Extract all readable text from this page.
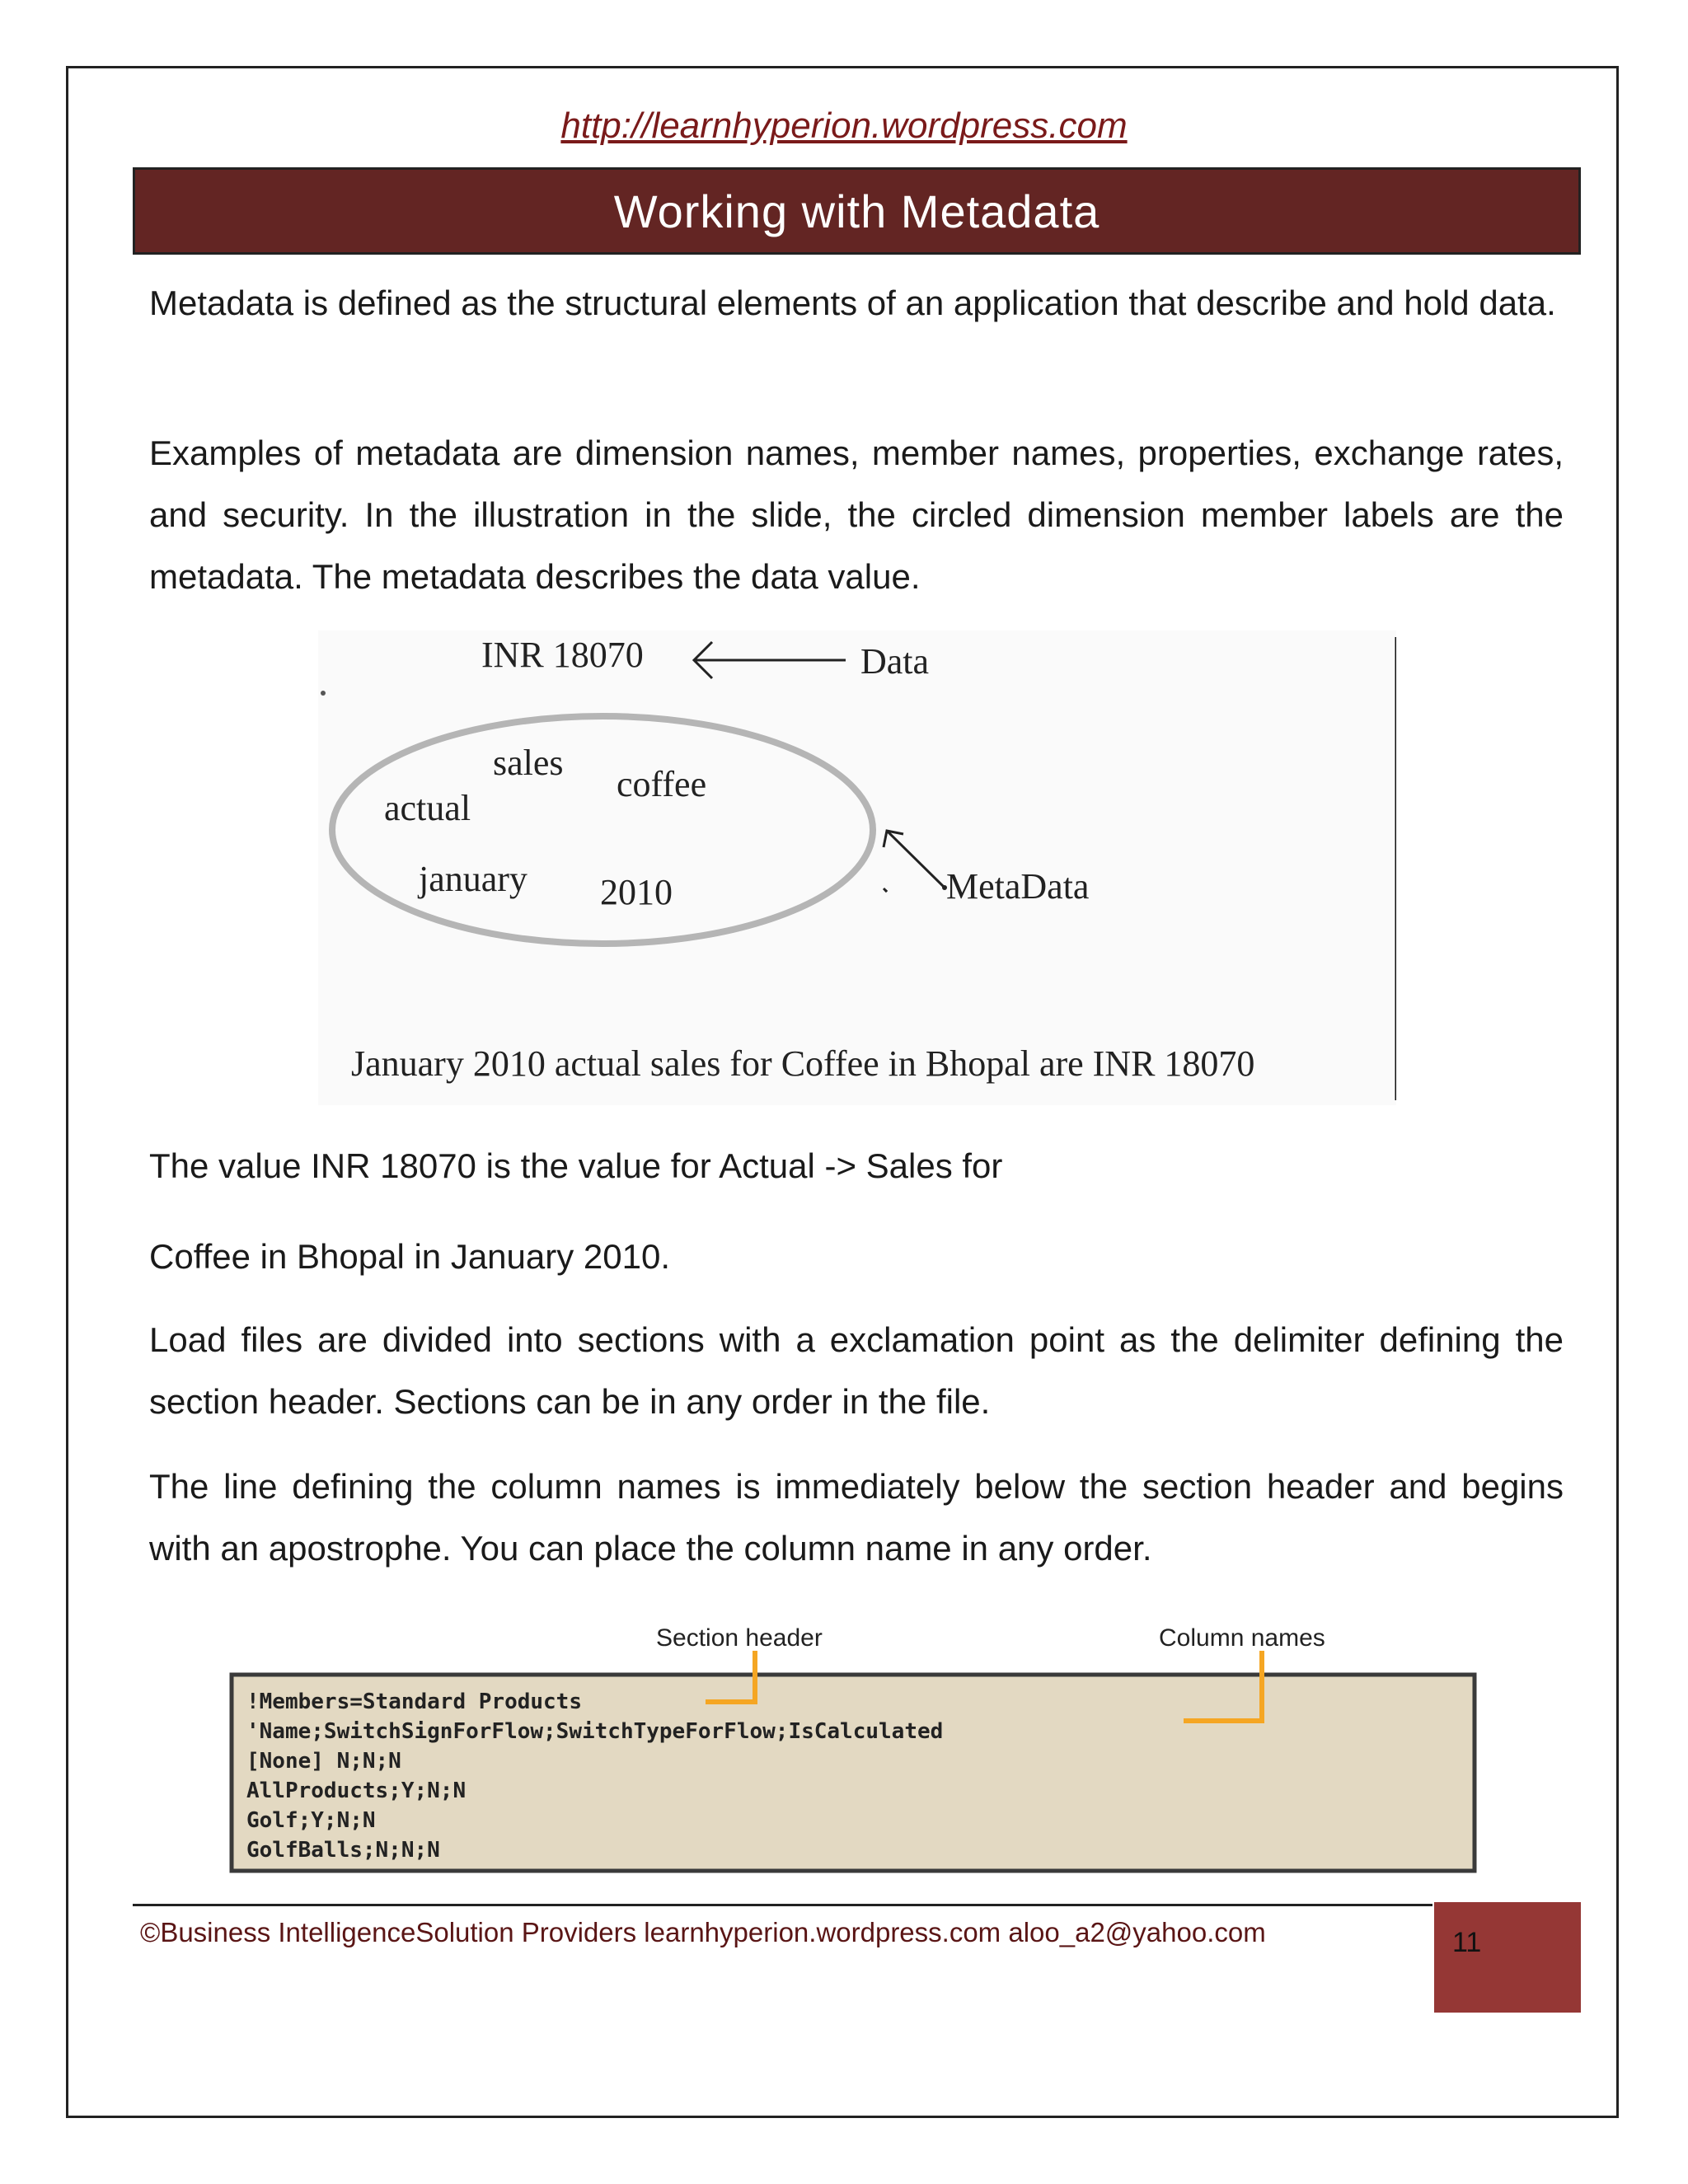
http://learnhyperion.wordpress.com
Working with Metadata

Metadata is defined as the structural elements of an application that describe and hold data.

Examples of metadata are dimension names, member names, properties, exchange rates, and security. In the illustration in the slide, the circled dimension member labels are the metadata. The metadata describes the data value.

INR 18070	Data
sales
coffee
actual
january 2010	MetaData
January 2010 actual sales for Coffee in Bhopal are INR 18070

The value INR 18070 is the value for Actual -> Sales for

Coffee in Bhopal in January 2010.

Load files are divided into sections with a exclamation point as the delimiter defining the section header. Sections can be in any order in the file.

The line defining the column names is immediately below the section header and begins with an apostrophe. You can place the column name in any order.

Section header	Column names
!Members=Standard Products
'Name;SwitchSignForFlow;SwitchTypeForFlow;IsCalculated
[None] N;N;N
AllProducts;Y;N;N
Golf;Y;N;N
GolfBalls;N;N;N
©Business IntelligenceSolution Providers learnhyperion.wordpress.com aloo_a2@yahoo.com	11
